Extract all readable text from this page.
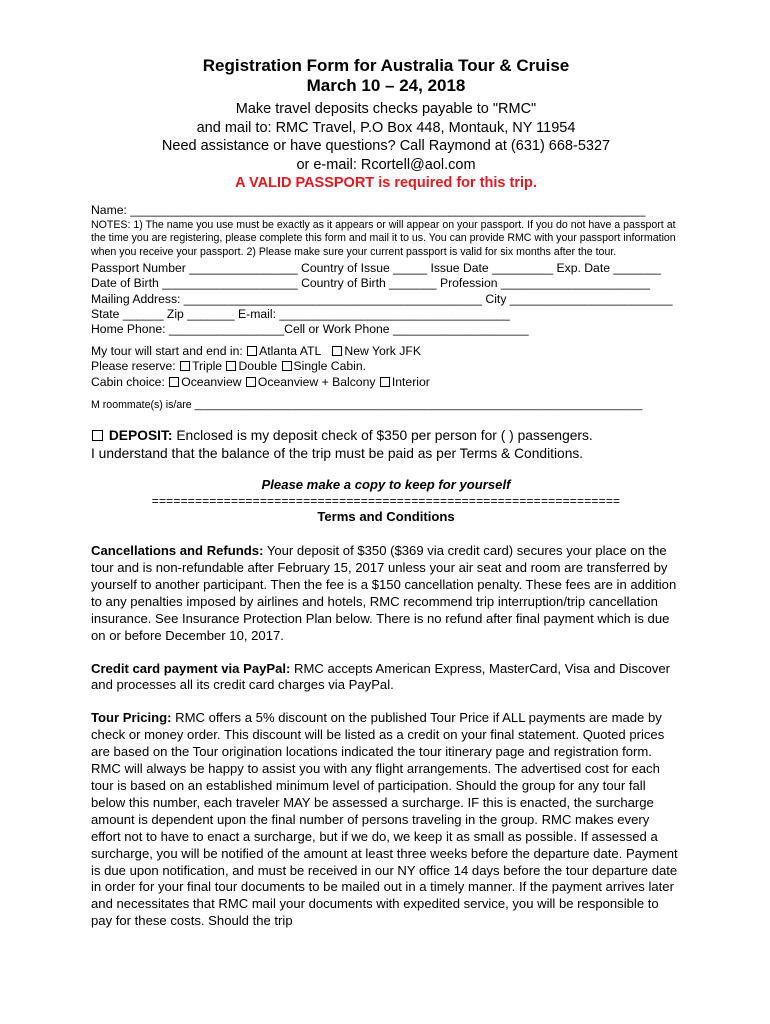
Registration Form for Australia Tour & Cruise
March 10 – 24, 2018
Make travel deposits checks payable to "RMC"
and mail to: RMC Travel, P.O Box 448, Montauk, NY 11954
Need assistance or have questions? Call Raymond at (631) 668-5327
or e-mail: Rcortell@aol.com
A VALID PASSPORT is required for this trip.
Name: ____________________________________________________________________________
NOTES: 1) The name you use must be exactly as it appears or will appear on your passport. If you do not have a passport at the time you are registering, please complete this form and mail it to us. You can provide RMC with your passport information when you receive your passport. 2) Please make sure your current passport is valid for six months after the tour.
Passport Number ________________ Country of Issue _____ Issue Date _________ Exp. Date _______
Date of Birth ____________________ Country of Birth _______ Profession ______________________
Mailing Address: ____________________________________________ City ________________________
State ______ Zip _______ E-mail: __________________________________
Home Phone: _________________Cell or Work Phone ____________________
My tour will start and end in: Atlanta ATL New York JFK
Please reserve: Triple Double Single Cabin.
Cabin choice: Oceanview Oceanview + Balcony Interior
M roommate(s) is/are ____________________________________________________________________________
DEPOSIT: Enclosed is my deposit check of $350 per person for ( ) passengers.
I understand that the balance of the trip must be paid as per Terms & Conditions.
Please make a copy to keep for yourself
=================================================================
Terms and Conditions
Cancellations and Refunds: Your deposit of $350 ($369 via credit card) secures your place on the tour and is non-refundable after February 15, 2017 unless your air seat and room are transferred by yourself to another participant. Then the fee is a $150 cancellation penalty. These fees are in addition to any penalties imposed by airlines and hotels, RMC recommend trip interruption/trip cancellation insurance. See Insurance Protection Plan below. There is no refund after final payment which is due on or before December 10, 2017.
Credit card payment via PayPal: RMC accepts American Express, MasterCard, Visa and Discover and processes all its credit card charges via PayPal.
Tour Pricing: RMC offers a 5% discount on the published Tour Price if ALL payments are made by check or money order. This discount will be listed as a credit on your final statement. Quoted prices are based on the Tour origination locations indicated the tour itinerary page and registration form. RMC will always be happy to assist you with any flight arrangements. The advertised cost for each tour is based on an established minimum level of participation. Should the group for any tour fall below this number, each traveler MAY be assessed a surcharge. IF this is enacted, the surcharge amount is dependent upon the final number of persons traveling in the group. RMC makes every effort not to have to enact a surcharge, but if we do, we keep it as small as possible. If assessed a surcharge, you will be notified of the amount at least three weeks before the departure date. Payment is due upon notification, and must be received in our NY office 14 days before the tour departure date in order for your final tour documents to be mailed out in a timely manner. If the payment arrives later and necessitates that RMC mail your documents with expedited service, you will be responsible to pay for these costs. Should the trip
